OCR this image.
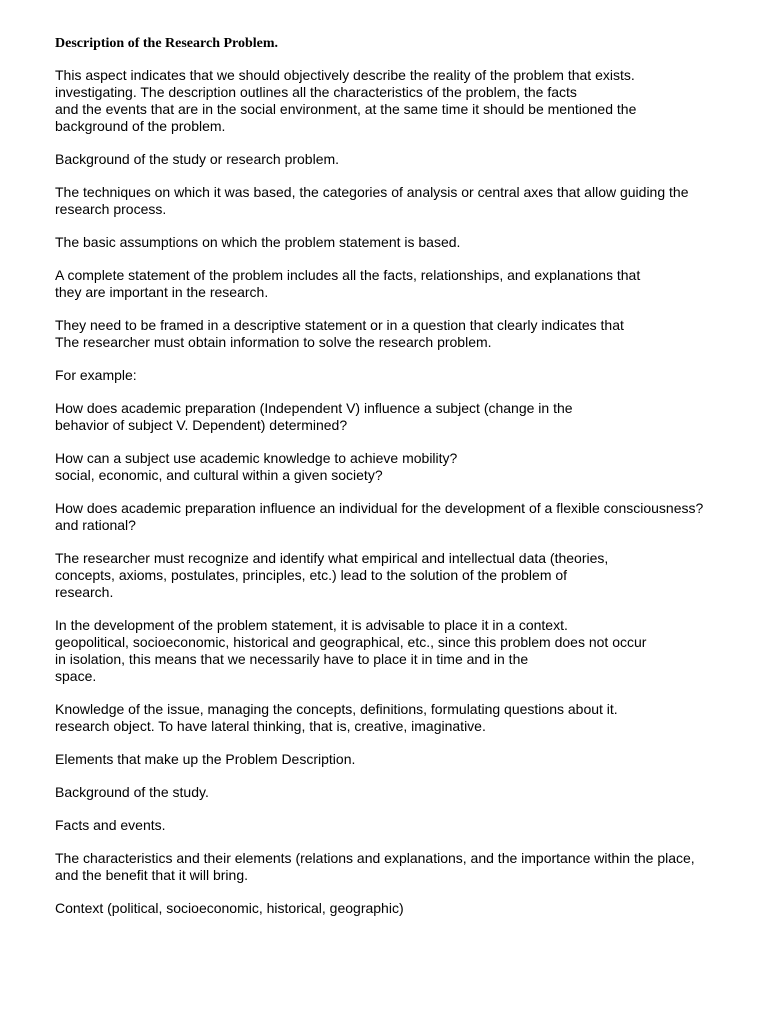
Description of the Research Problem.
This aspect indicates that we should objectively describe the reality of the problem that exists.
investigating. The description outlines all the characteristics of the problem, the facts
and the events that are in the social environment, at the same time it should be mentioned the
background of the problem.
Background of the study or research problem.
The techniques on which it was based, the categories of analysis or central axes that allow guiding the
research process.
The basic assumptions on which the problem statement is based.
A complete statement of the problem includes all the facts, relationships, and explanations that
they are important in the research.
They need to be framed in a descriptive statement or in a question that clearly indicates that
The researcher must obtain information to solve the research problem.
For example:
How does academic preparation (Independent V) influence a subject (change in the
behavior of subject V. Dependent) determined?
How can a subject use academic knowledge to achieve mobility?
social, economic, and cultural within a given society?
How does academic preparation influence an individual for the development of a flexible consciousness?
and rational?
The researcher must recognize and identify what empirical and intellectual data (theories,
concepts, axioms, postulates, principles, etc.) lead to the solution of the problem of
research.
In the development of the problem statement, it is advisable to place it in a context.
geopolitical, socioeconomic, historical and geographical, etc., since this problem does not occur
in isolation, this means that we necessarily have to place it in time and in the
space.
Knowledge of the issue, managing the concepts, definitions, formulating questions about it.
research object. To have lateral thinking, that is, creative, imaginative.
Elements that make up the Problem Description.
Background of the study.
Facts and events.
The characteristics and their elements (relations and explanations, and the importance within the place,
and the benefit that it will bring.
Context (political, socioeconomic, historical, geographic)
